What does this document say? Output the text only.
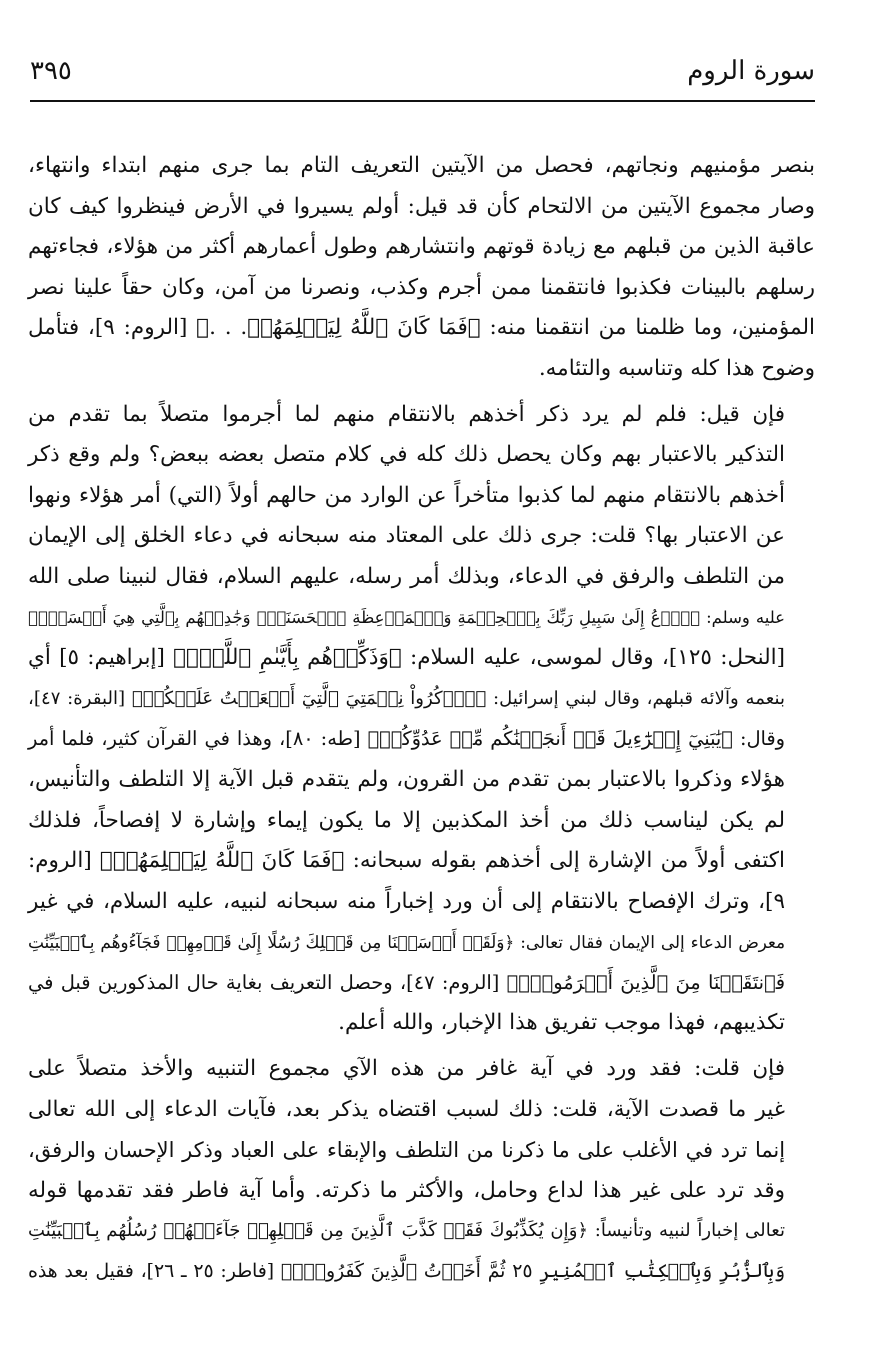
سورة الروم
٣٩٥

بنصر مؤمنيهم ونجاتهم، فحصل من الآيتين التعريف التام بما جرى منهم ابتداء وانتهاء،
وصار مجموع الآيتين من الالتحام كأن قد قيل: أولم يسيروا في الأرض فينظروا كيف كان
عاقبة الذين من قبلهم مع زيادة قوتهم وانتشارهم وطول أعمارهم أكثر من هؤلاء، فجاءتهم
رسلهم بالبينات فكذبوا فانتقمنا ممن أجرم وكذب، ونصرنا من آمن، وكان حقاً علينا نصر
المؤمنين، وما ظلمنا من انتقمنا منه: ﴿فَمَا كَانَ ٱللَّهُ لِيَظۡلِمَهُمۡ. . .﴾ [الروم: ٩]، فتأمل
وضوح هذا كله وتناسبه والتئامه.

فإن قيل: فلم لم يرد ذكر أخذهم بالانتقام منهم لما أجرموا متصلاً بما تقدم من
التذكير بالاعتبار بهم وكان يحصل ذلك كله في كلام متصل بعضه ببعض؟ ولم وقع ذكر
أخذهم بالانتقام منهم لما كذبوا متأخراً عن الوارد من حالهم أولاً (التي) أمر هؤلاء ونهوا
عن الاعتبار بها؟ قلت: جرى ذلك على المعتاد منه سبحانه في دعاء الخلق إلى الإيمان
من التلطف والرفق في الدعاء، وبذلك أمر رسله، عليهم السلام، فقال لنبينا صلى الله
عليه وسلم: ﴿ٱدۡعُ إِلَىٰ سَبِيلِ رَبِّكَ بِٱلۡحِكۡمَةِ وَٱلۡمَوۡعِظَةِ ٱلۡحَسَنَةِۖ وَجَٰدِلۡهُم بِٱلَّتِي هِيَ أَحۡسَنُۚ﴾
[النحل: ١٢٥]، وقال لموسى، عليه السلام: ﴿وَذَكِّرۡهُم بِأَيَّىٰمِ ٱللَّهِۚ﴾ [إبراهيم: ٥] أي
بنعمه وآلائه قبلهم، وقال لبني إسرائيل: ﴿ٱذۡكُرُواْ نِعۡمَتِيَ ٱلَّتِيٓ أَنۡعَمۡتُ عَلَيۡكُمۡ﴾ [البقرة: ٤٧]،
وقال: ﴿يَٰبَنِيٓ إِسۡرَٰٓءِيلَ قَدۡ أَنجَيۡنَٰكُم مِّنۡ عَدُوِّكُمۡ﴾ [طه: ٨٠]، وهذا في القرآن كثير، فلما أمر
هؤلاء وذكروا بالاعتبار بمن تقدم من القرون، ولم يتقدم قبل الآية إلا التلطف والتأنيس،
لم يكن ليناسب ذلك من أخذ المكذبين إلا ما يكون إيماء وإشارة لا إفصاحاً، فلذلك
اكتفى أولاً من الإشارة إلى أخذهم بقوله سبحانه: ﴿فَمَا كَانَ ٱللَّهُ لِيَظۡلِمَهُمۡ﴾ [الروم:
٩]، وترك الإفصاح بالانتقام إلى أن ورد إخباراً منه سبحانه لنبيه، عليه السلام، في غير
معرض الدعاء إلى الإيمان فقال تعالى: ﴿وَلَقَدۡ أَرۡسَلۡنَا مِن قَبۡلِكَ رُسُلًا إِلَىٰ قَوۡمِهِمۡ فَجَآءُوهُم بِٱلۡبَيِّنَٰتِ
فَٱنتَقَمۡنَا مِنَ ٱلَّذِينَ أَجۡرَمُواْۖ﴾ [الروم: ٤٧]، وحصل التعريف بغاية حال المذكورين قبل في
تكذيبهم، فهذا موجب تفريق هذا الإخبار، والله أعلم.

فإن قلت: فقد ورد في آية غافر من هذه الآي مجموع التنبيه والأخذ متصلاً على
غير ما قصدت الآية، قلت: ذلك لسبب اقتضاه يذكر بعد، فآيات الدعاء إلى الله تعالى
إنما ترد في الأغلب على ما ذكرنا من التلطف والإبقاء على العباد وذكر الإحسان والرفق،
وقد ترد على غير هذا لداع وحامل، والأكثر ما ذكرته. وأما آية فاطر فقد تقدمها قوله
تعالى إخباراً لنبيه وتأنيساً: ﴿وَإِن يُكَذِّبُوكَ فَقَدۡ كَذَّبَ ٱلَّذِينَ مِن قَبۡلِهِمۡ جَآءَتۡهُمۡ رُسُلُهُم بِٱلۡبَيِّنَٰتِ
وَبِٱلزُّبُرِ وَبِٱلۡكِتَٰبِ ٱلۡمُنِيرِ ٢٥ ثُمَّ أَخَذۡتُ ٱلَّذِينَ كَفَرُواْۖ﴾ [فاطر: ٢٥ ـ ٢٦]، فقيل بعد هذه
